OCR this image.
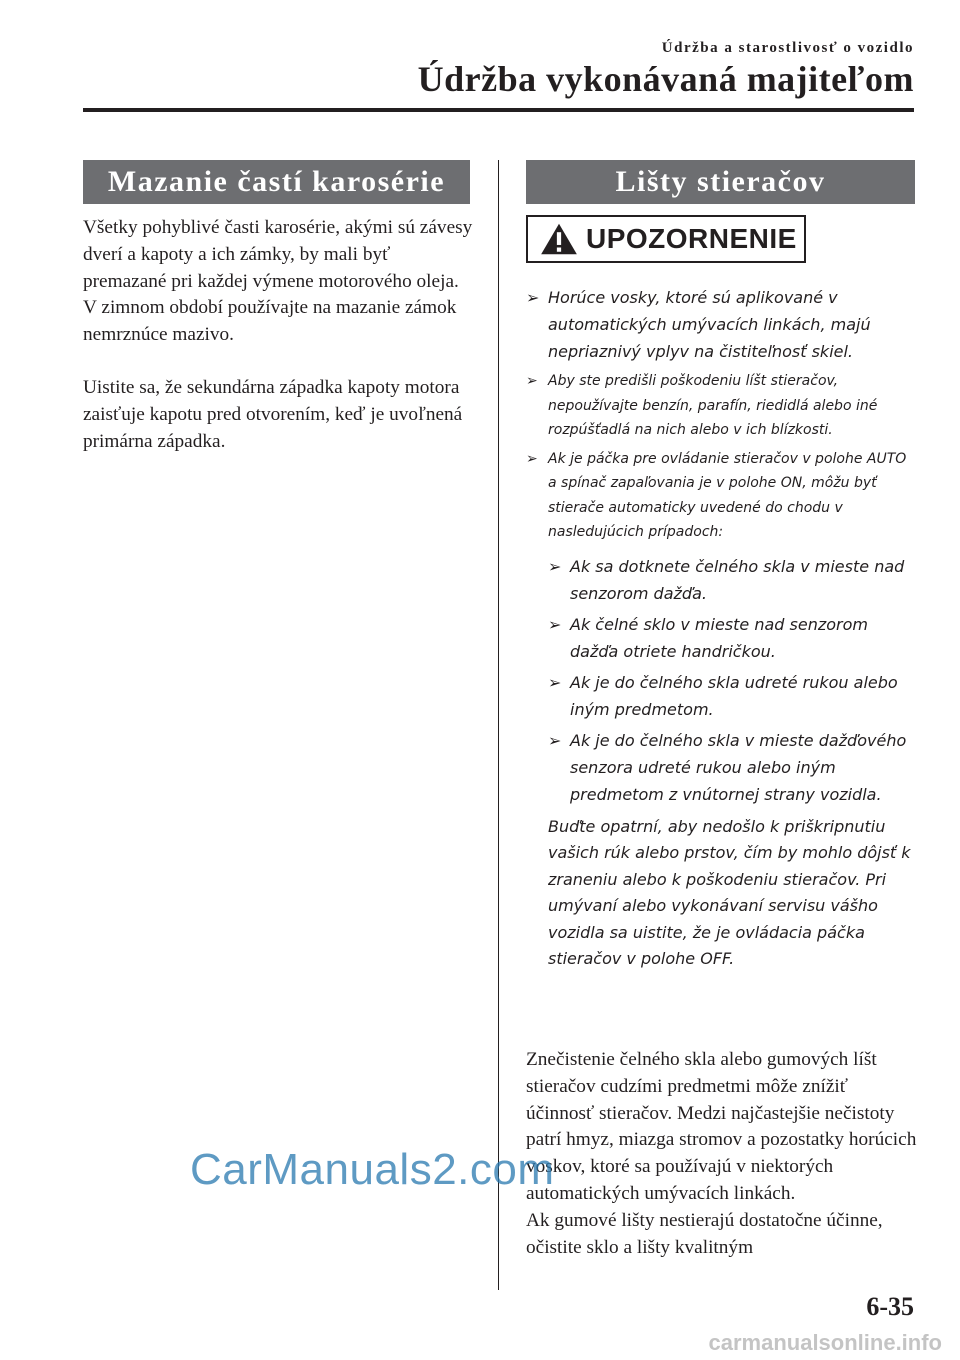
Údržba a starostlivosť o vozidlo
Údržba vykonávaná majiteľom
Mazanie častí karosérie

Všetky pohyblivé časti karosérie, akými sú závesy dverí a kapoty a ich zámky, by mali byť premazané pri každej výmene motorového oleja. V zimnom období používajte na mazanie zámok nemrznúce mazivo.

Uistite sa, že sekundárna západka kapoty motora zaisťuje kapotu pred otvorením, keď je uvoľnená primárna západka.

Lišty stieračov
UPOZORNENIE
➢ Horúce vosky, ktoré sú aplikované v automatických umývacích linkách, majú nepriaznivý vplyv na čistiteľnosť skiel.
➢ Aby ste predišli poškodeniu líšt stieračov, nepoužívajte benzín, parafín, riedidlá alebo iné rozpúšťadlá na nich alebo v ich blízkosti.
➢ Ak je páčka pre ovládanie stieračov v polohe AUTO a spínač zapaľovania je v polohe ON, môžu byť stierače automaticky uvedené do chodu v nasledujúcich prípadoch:
➢ Ak sa dotknete čelného skla v mieste nad senzorom dažďa.
➢ Ak čelné sklo v mieste nad senzorom dažďa otriete handričkou.
➢ Ak je do čelného skla udreté rukou alebo iným predmetom.
➢ Ak je do čelného skla v mieste dažďového senzora udreté rukou alebo iným predmetom z vnútornej strany vozidla.
Buďte opatrní, aby nedošlo k priškripnutiu vašich rúk alebo prstov, čím by mohlo dôjsť k zraneniu alebo k poškodeniu stieračov. Pri umývaní alebo vykonávaní servisu vášho vozidla sa uistite, že je ovládacia páčka stieračov v polohe OFF.

Znečistenie čelného skla alebo gumových líšt stieračov cudzími predmetmi môže znížiť účinnosť stieračov. Medzi najčastejšie nečistoty patrí hmyz, miazga stromov a pozostatky horúcich voskov, ktoré sa používajú v niektorých automatických umývacích linkách.

Ak gumové lišty nestierajú dostatočne účinne, očistite sklo a lišty kvalitným

CarManuals2.com
6-35
carmanualsonline.info
